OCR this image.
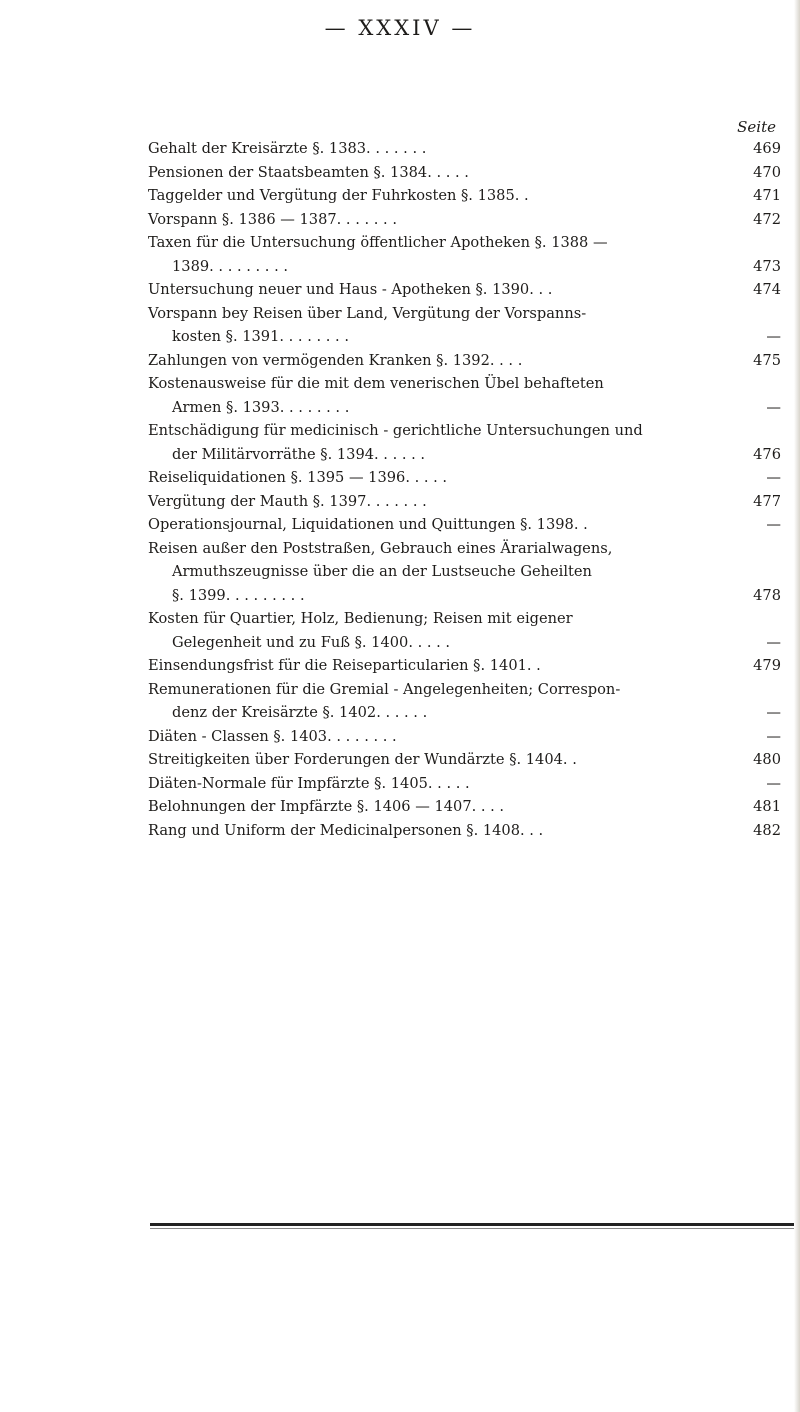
— XXXIV —
Seite
Gehalt der Kreisärzte §. 1383. . . . . . .	469
Pensionen der Staatsbeamten §. 1384. . . . .	470
Taggelder und Vergütung der Fuhrkosten §. 1385. .	471
Vorspann §. 1386 — 1387. . . . . . .	472
Taxen für die Untersuchung öffentlicher Apotheken §. 1388 —
1389. . . . . . . . .	473
Untersuchung neuer und Haus - Apotheken §. 1390. . .	474
Vorspann bey Reisen über Land, Vergütung der Vorspanns-
kosten §. 1391. . . . . . . .	—
Zahlungen von vermögenden Kranken §. 1392. . . .	475
Kostenausweise für die mit dem venerischen Übel behafteten
Armen §. 1393. . . . . . . .	—
Entschädigung für medicinisch - gerichtliche Untersuchungen und
der Militärvorräthe §. 1394. . . . . .	476
Reiseliquidationen §. 1395 — 1396. . . . .	—
Vergütung der Mauth §. 1397. . . . . . .	477
Operationsjournal, Liquidationen und Quittungen §. 1398. .	—
Reisen außer den Poststraßen, Gebrauch eines Ärarialwagens,
Armuthszeugnisse über die an der Lustseuche Geheilten
§. 1399. . . . . . . . .	478
Kosten für Quartier, Holz, Bedienung; Reisen mit eigener
Gelegenheit und zu Fuß §. 1400. . . . .	—
Einsendungsfrist für die Reiseparticularien §. 1401. .	479
Remunerationen für die Gremial - Angelegenheiten; Correspon-
denz der Kreisärzte §. 1402. . . . . .	—
Diäten - Classen §. 1403. . . . . . . .	—
Streitigkeiten über Forderungen der Wundärzte §. 1404. .	480
Diäten-Normale für Impfärzte §. 1405. . . . .	—
Belohnungen der Impfärzte §. 1406 — 1407. . . .	481
Rang und Uniform der Medicinalpersonen §. 1408. . .	482
